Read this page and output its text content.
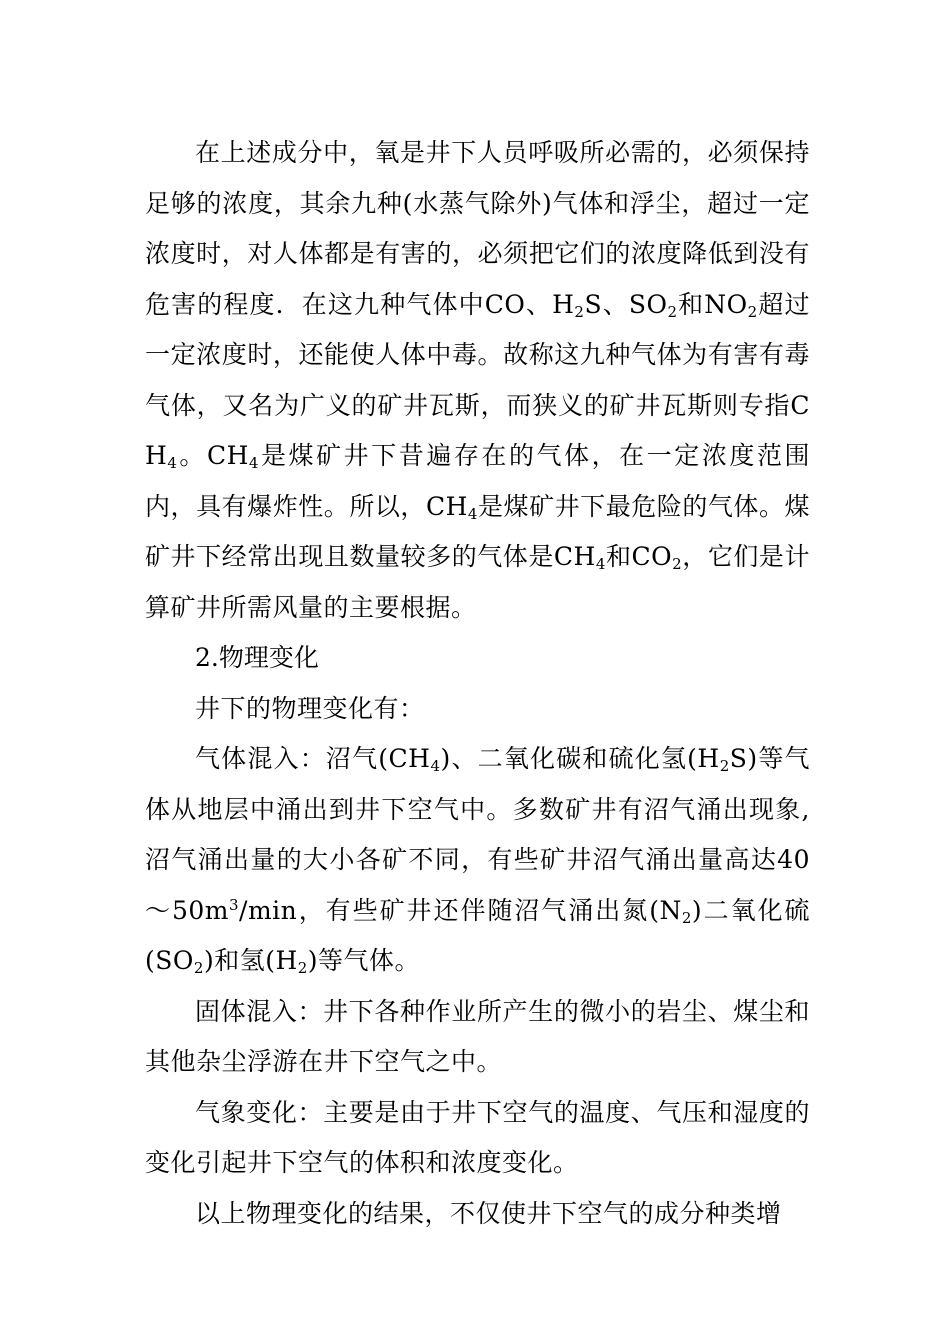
在上述成分中，氧是井下人员呼吸所必需的，必须保持足够的浓度，其余九种(水蒸气除外)气体和浮尘，超过一定浓度时，对人体都是有害的，必须把它们的浓度降低到没有危害的程度．在这九种气体中CO、$H_2S$、$SO_2$和$NO_2$超过一定浓度时，还能使人体中毒。故称这九种气体为有害有毒气体，又名为广义的矿井瓦斯，而狭义的矿井瓦斯则专指$CH_4$。$CH_4$是煤矿井下昔遍存在的气体，在一定浓度范围内，具有爆炸性。所以，$CH_4$是煤矿井下最危险的气体。煤矿井下经常出现且数量较多的气体是$CH_4$和$CO_2$，它们是计算矿井所需风量的主要根据。

2.物理变化

井下的物理变化有：

气体混入：沼气$(CH_4)$、二氧化碳和硫化氢$(H_2S)$等气体从地层中涌出到井下空气中。多数矿井有沼气涌出现象,沼气涌出量的大小各矿不同，有些矿井沼气涌出量高达$40\sim 50m^3/\min$，有些矿井还伴随沼气涌出氮$(N_2)$二氧化硫$(SO_2)$和氢$(H_2)$等气体。

固体混入：井下各种作业所产生的微小的岩尘、煤尘和其他杂尘浮游在井下空气之中。

气象变化：主要是由于井下空气的温度、气压和湿度的变化引起井下空气的体积和浓度变化。

以上物理变化的结果，不仅使井下空气的成分种类增
